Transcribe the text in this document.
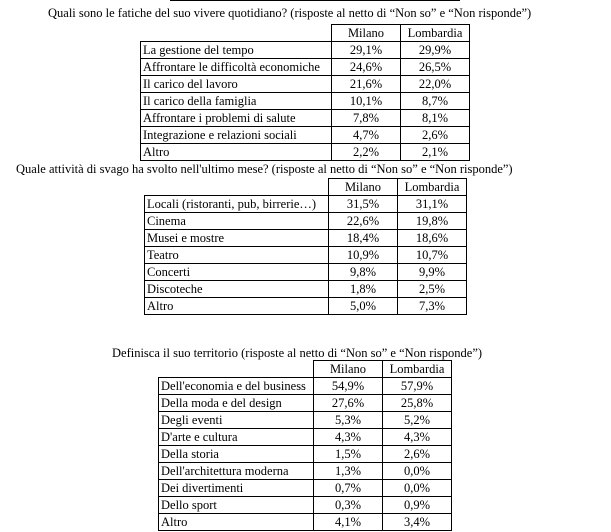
Quali sono le fatiche del suo vivere quotidiano? (risposte al netto di “Non so” e “Non risponde”)
	Milano	Lombardia
La gestione del tempo	29,1%	29,9%
Affrontare le difficoltà economiche	24,6%	26,5%
Il carico del lavoro	21,6%	22,0%
Il carico della famiglia	10,1%	8,7%
Affrontare i problemi di salute	7,8%	8,1%
Integrazione e relazioni sociali	4,7%	2,6%
Altro	2,2%	2,1%
Quale attività di svago ha svolto nell'ultimo mese? (risposte al netto di “Non so” e “Non risponde”)
	Milano	Lombardia
Locali (ristoranti, pub, birrerie…)	31,5%	31,1%
Cinema	22,6%	19,8%
Musei e mostre	18,4%	18,6%
Teatro	10,9%	10,7%
Concerti	9,8%	9,9%
Discoteche	1,8%	2,5%
Altro	5,0%	7,3%
Definisca il suo territorio (risposte al netto di “Non so” e “Non risponde”)
	Milano	Lombardia
Dell'economia e del business	54,9%	57,9%
Della moda e del design	27,6%	25,8%
Degli eventi	5,3%	5,2%
D'arte e cultura	4,3%	4,3%
Della storia	1,5%	2,6%
Dell'architettura moderna	1,3%	0,0%
Dei divertimenti	0,7%	0,0%
Dello sport	0,3%	0,9%
Altro	4,1%	3,4%
